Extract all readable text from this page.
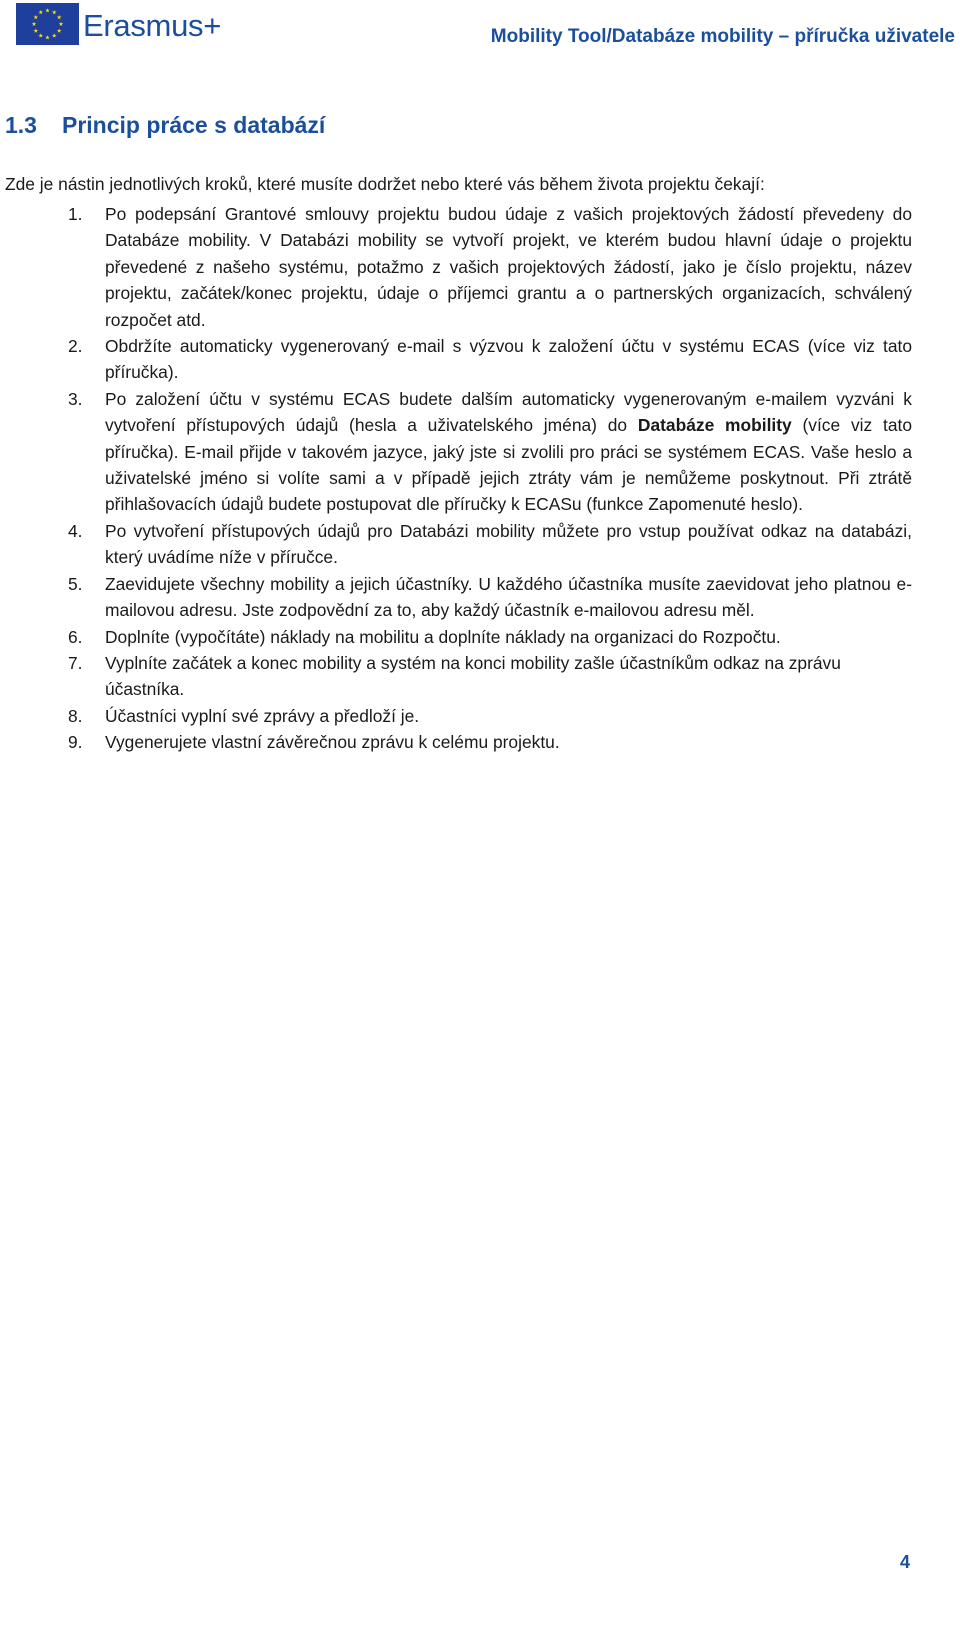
Erasmus+	Mobility Tool/Databáze mobility – příručka uživatele
1.3 Princip práce s databází

Zde je nástin jednotlivých kroků, které musíte dodržet nebo které vás během života projektu čekají:

1. Po podepsání Grantové smlouvy projektu budou údaje z vašich projektových žádostí převedeny do Databáze mobility. V Databázi mobility se vytvoří projekt, ve kterém budou hlavní údaje o projektu převedené z našeho systému, potažmo z vašich projektových žádostí, jako je číslo projektu, název projektu, začátek/konec projektu, údaje o příjemci grantu a o partnerských organizacích, schválený rozpočet atd.
2. Obdržíte automaticky vygenerovaný e-mail s výzvou k založení účtu v systému ECAS (více viz tato příručka).
3. Po založení účtu v systému ECAS budete dalším automaticky vygenerovaným e-mailem vyzváni k vytvoření přístupových údajů (hesla a uživatelského jména) do Databáze mobility (více viz tato příručka). E-mail přijde v takovém jazyce, jaký jste si zvolili pro práci se systémem ECAS. Vaše heslo a uživatelské jméno si volíte sami a v případě jejich ztráty vám je nemůžeme poskytnout. Při ztrátě přihlašovacích údajů budete postupovat dle příručky k ECASu (funkce Zapomenuté heslo).
4. Po vytvoření přístupových údajů pro Databázi mobility můžete pro vstup používat odkaz na databázi, který uvádíme níže v příručce.
5. Zaevidujete všechny mobility a jejich účastníky. U každého účastníka musíte zaevidovat jeho platnou e-mailovou adresu. Jste zodpovědní za to, aby každý účastník e-mailovou adresu měl.
6. Doplníte (vypočítáte) náklady na mobilitu a doplníte náklady na organizaci do Rozpočtu.
7. Vyplníte začátek a konec mobility a systém na konci mobility zašle účastníkům odkaz na zprávu účastníka.
8. Účastníci vyplní své zprávy a předloží je.
9. Vygenerujete vlastní závěrečnou zprávu k celému projektu.
4
